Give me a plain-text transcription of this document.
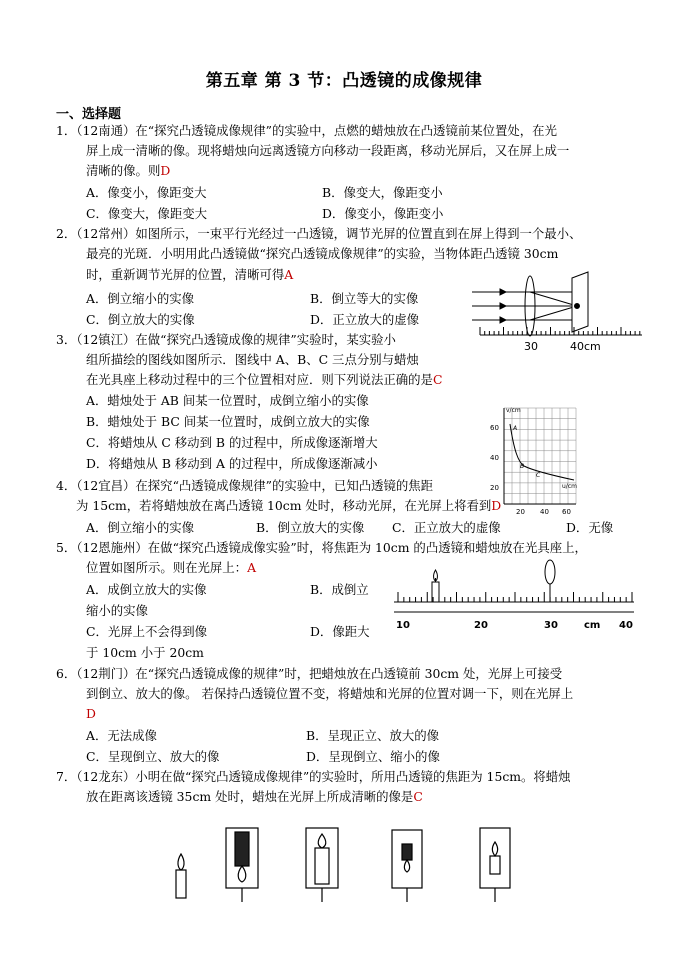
第五章 第 3 节：凸透镜的成像规律
一、选择题
1．（12南通）在“探究凸透镜成像规律”的实验中，点燃的蜡烛放在凸透镜前某位置处，在光
屏上成一清晰的像。现将蜡烛向远离透镜方向移动一段距离，移动光屏后，又在屏上成一
清晰的像。则D
A．像变小，像距变大	B．像变大，像距变小
C．像变大，像距变大	D．像变小，像距变小
2．（12常州）如图所示，一束平行光经过一凸透镜，调节光屏的位置直到在屏上得到一个最小、
最亮的光斑．小明用此凸透镜做“探究凸透镜成像规律”的实验，当物体距凸透镜 30cm
时，重新调节光屏的位置，清晰可得A
A．倒立缩小的实像	B．倒立等大的实像
C．倒立放大的实像	D．正立放大的虚像
30	40cm
3．（12镇江）在做“探究凸透镜成像的规律”实验时，某实验小
组所描绘的图线如图所示．图线中 A、B、C 三点分别与蜡烛
在光具座上移动过程中的三个位置相对应．则下列说法正确的是C
A．蜡烛处于 AB 间某一位置时，成倒立缩小的实像
B．蜡烛处于 BC 间某一位置时，成倒立放大的实像
C．将蜡烛从 C 移动到 B 的过程中，所成像逐渐增大
D．将蜡烛从 B 移动到 A 的过程中，所成像逐渐减小
v/cm
u/cm
60
40
20
20 40 60
A
B
C
4．（12宜昌）在探究“凸透镜成像规律”的实验中，已知凸透镜的焦距
为 15cm，若将蜡烛放在离凸透镜 10cm 处时，移动光屏，在光屏上将看到D
A．倒立缩小的实像	B．倒立放大的实像 C．正立放大的虚像	D．无像
5．（12恩施州）在做“探究凸透镜成像实验”时，将焦距为 10cm 的凸透镜和蜡烛放在光具座上，
位置如图所示。则在光屏上：A
A．成倒立放大的实像	B．成倒立
缩小的实像
C．光屏上不会得到像	D．像距大
于 10cm 小于 20cm
10	20	30	cm 40
6．（12荆门）在“探究凸透镜成像的规律”时，把蜡烛放在凸透镜前 30cm 处，光屏上可接受
到倒立、放大的像。 若保持凸透镜位置不变，将蜡烛和光屏的位置对调一下，则在光屏上
D
A．无法成像	B．呈现正立、放大的像
C．呈现倒立、放大的像	D．呈现倒立、缩小的像
7．（12龙东）小明在做“探究凸透镜成像规律”的实验时，所用凸透镜的焦距为 15cm。将蜡烛
放在距离该透镜 35cm 处时，蜡烛在光屏上所成清晰的像是C
